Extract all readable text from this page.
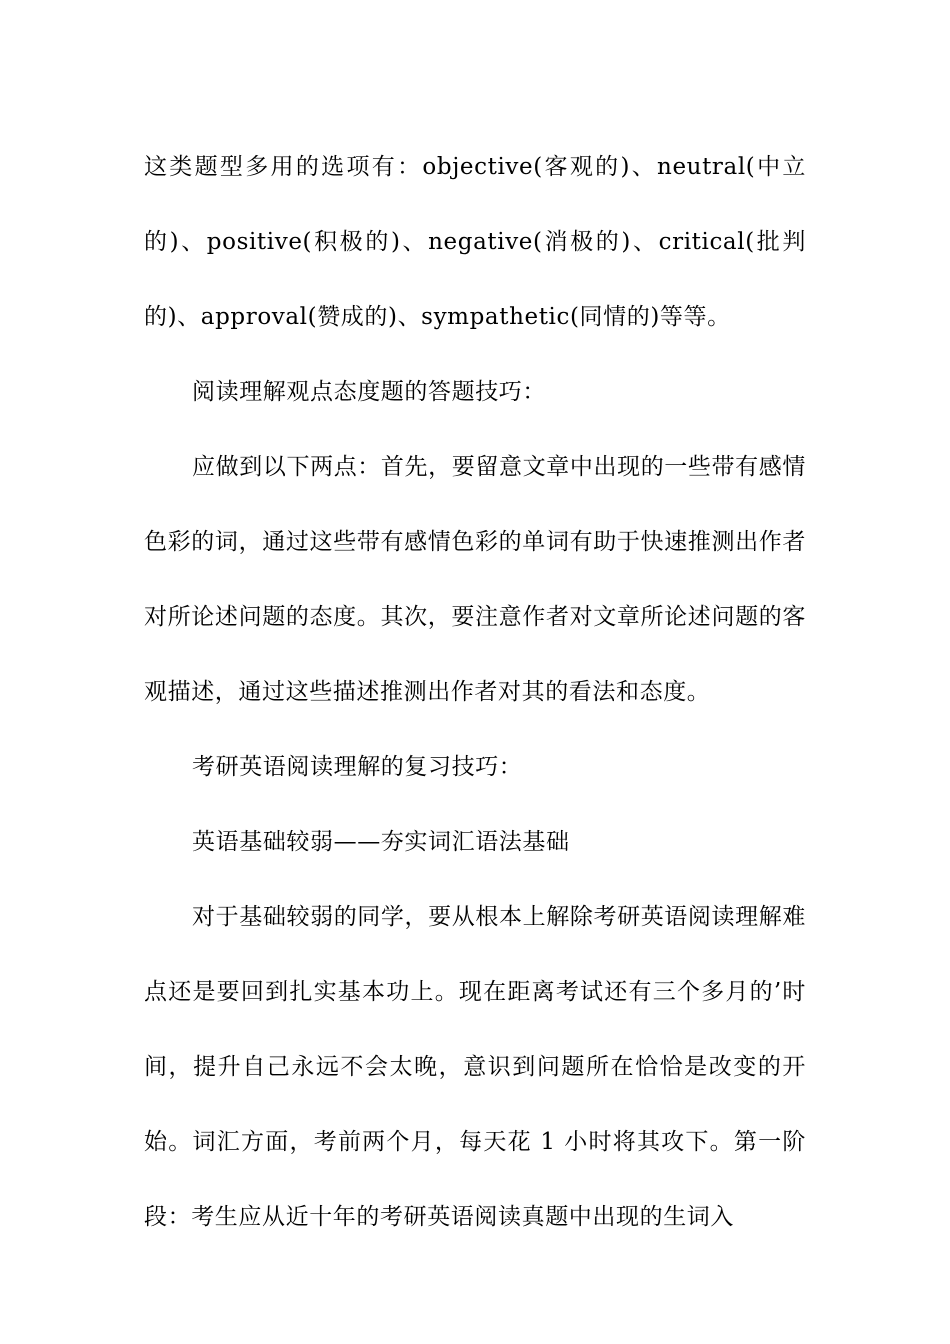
这类题型多用的选项有：objective(客观的)、neutral(中立的)、positive(积极的)、negative(消极的)、critical(批判的)、approval(赞成的)、sympathetic(同情的)等等。

阅读理解观点态度题的答题技巧：

应做到以下两点：首先，要留意文章中出现的一些带有感情色彩的词，通过这些带有感情色彩的单词有助于快速推测出作者对所论述问题的态度。其次，要注意作者对文章所论述问题的客观描述，通过这些描述推测出作者对其的看法和态度。

考研英语阅读理解的复习技巧：

英语基础较弱——夯实词汇语法基础

对于基础较弱的同学，要从根本上解除考研英语阅读理解难点还是要回到扎实基本功上。现在距离考试还有三个多月的’时间，提升自己永远不会太晚，意识到问题所在恰恰是改变的开始。词汇方面，考前两个月，每天花 1 小时将其攻下。第一阶段：考生应从近十年的考研英语阅读真题中出现的生词入
